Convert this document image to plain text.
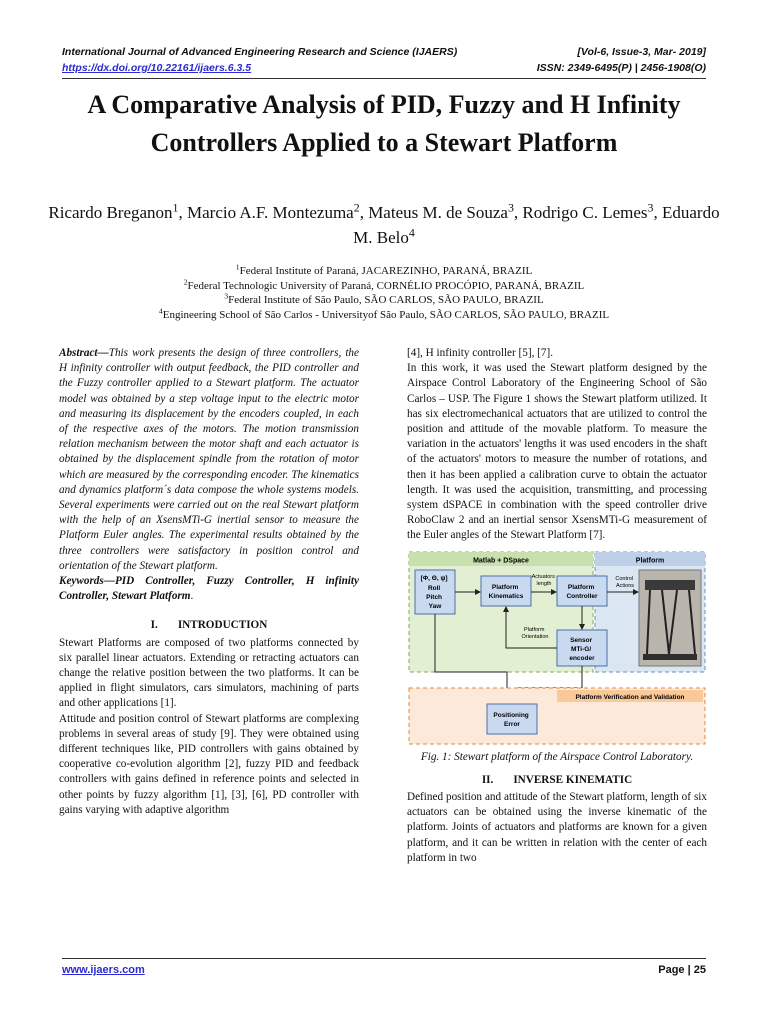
International Journal of Advanced Engineering Research and Science (IJAERS)	[Vol-6, Issue-3, Mar- 2019]
https://dx.doi.org/10.22161/ijaers.6.3.5	ISSN: 2349-6495(P) | 2456-1908(O)
A Comparative Analysis of PID, Fuzzy and H Infinity Controllers Applied to a Stewart Platform
Ricardo Breganon$^1$, Marcio A.F. Montezuma$^2$, Mateus M. de Souza$^3$, Rodrigo C. Lemes$^3$, Eduardo M. Belo$^4$
$^1$Federal Institute of Paraná, JACAREZINHO, PARANÁ, BRAZIL
$^2$Federal Technologic University of Paraná, CORNÉLIO PROCÓPIO, PARANÁ, BRAZIL
$^3$Federal Institute of São Paulo, SÃO CARLOS, SÃO PAULO, BRAZIL
$^4$Engineering School of São Carlos - Universityof São Paulo, SÃO CARLOS, SÃO PAULO, BRAZIL

Abstract—This work presents the design of three controllers, the H infinity controller with output feedback, the PID controller and the Fuzzy controller applied to a Stewart platform. The actuator model was obtained by a step voltage input to the electric motor and measuring its displacement by the encoders coupled, in each of the respective axes of the motors. The motion transmission relation mechanism between the motor shaft and each actuator is obtained by the displacement spindle from the rotation of motor which are measured by the corresponding encoder. The kinematics and dynamics platform´s data compose the whole systems models. Several experiments were carried out on the real Stewart platform with the help of an XsensMTi-G inertial sensor to measure the Platform Euler angles. The experimental results obtained by the three controllers were satisfactory in position control and orientation of the Stewart platform.

Keywords—PID Controller, Fuzzy Controller, H infinity Controller, Stewart Platform.

I. INTRODUCTION

Stewart Platforms are composed of two platforms connected by six parallel linear actuators. Extending or retracting actuators can change the relative position between the two platforms. It can be applied in flight simulators, cars simulators, machining of parts and other applications [1].

Attitude and position control of Stewart platforms are complexing problems in several areas of study [9]. They were obtained using different techniques like, PID controllers with gains obtained by cooperative co-evolution algorithm [2], fuzzy PID and feedback controllers with gains defined in reference points and selected in other points by fuzzy algorithm [1], [3], [6], PD controller with gains varying with adaptive algorithm

[4], H infinity controller [5], [7].

In this work, it was used the Stewart platform designed by the Airspace Control Laboratory of the Engineering School of São Carlos – USP. The Figure 1 shows the Stewart platform utilized. It has six electromechanical actuators that are utilized to control the position and attitude of the movable platform. To measure the variation in the actuators' lengths it was used encoders in the shaft of the actuators' motors to measure the number of rotations, and then it has been applied a calibration curve to obtain the actuator length. It was used the acquisition, transmitting, and processing system dSPACE in combination with the speed controller drive RoboClaw 2 and an inertial sensor XsensMTi-G measurement of the Euler angles of the Stewart Platform [7].

Matlab + DSpace	Platform
[Φ, Θ, ψ] Roll Pitch Yaw
Platform Kinematics
Platform Controller
Actuators length
Control Actions
Sensor MTi-G/ encoder
Platform Orientation
Platform Verification and Validation
Positioning Error

Fig. 1: Stewart platform of the Airspace Control Laboratory.

II. INVERSE KINEMATIC

Defined position and attitude of the Stewart platform, length of six actuators can be obtained using the inverse kinematic of the platform. Joints of actuators and platforms are known for a given platform, and it can be written in relation with the center of each platform in two

www.ijaers.com	Page | 25
